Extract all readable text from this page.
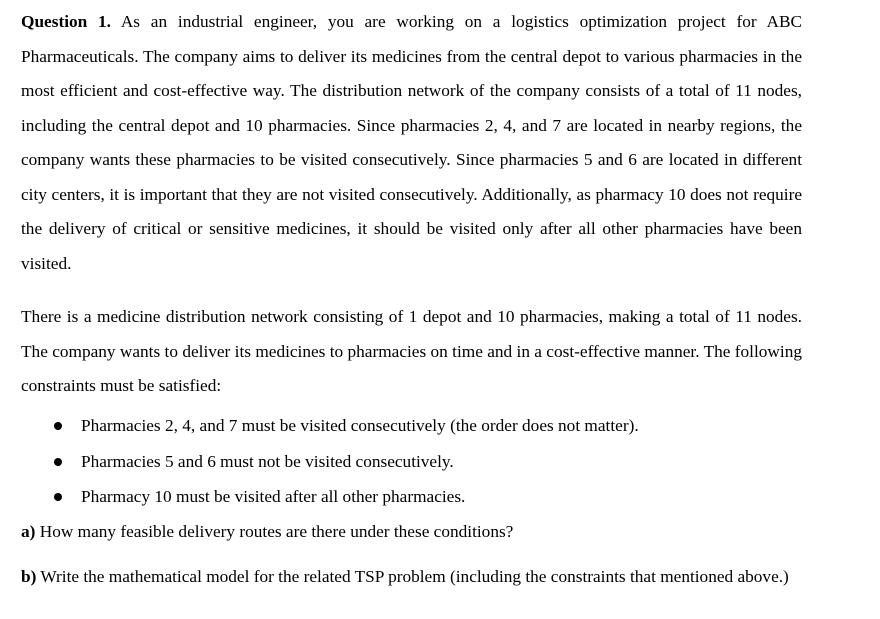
Question 1. As an industrial engineer, you are working on a logistics optimization project for ABC Pharmaceuticals. The company aims to deliver its medicines from the central depot to various pharmacies in the most efficient and cost-effective way. The distribution network of the company consists of a total of 11 nodes, including the central depot and 10 pharmacies. Since pharmacies 2, 4, and 7 are located in nearby regions, the company wants these pharmacies to be visited consecutively. Since pharmacies 5 and 6 are located in different city centers, it is important that they are not visited consecutively. Additionally, as pharmacy 10 does not require the delivery of critical or sensitive medicines, it should be visited only after all other pharmacies have been visited.

There is a medicine distribution network consisting of 1 depot and 10 pharmacies, making a total of 11 nodes. The company wants to deliver its medicines to pharmacies on time and in a cost-effective manner. The following constraints must be satisfied:

Pharmacies 2, 4, and 7 must be visited consecutively (the order does not matter).
Pharmacies 5 and 6 must not be visited consecutively.
Pharmacy 10 must be visited after all other pharmacies.

a) How many feasible delivery routes are there under these conditions?

b) Write the mathematical model for the related TSP problem (including the constraints that mentioned above.)
